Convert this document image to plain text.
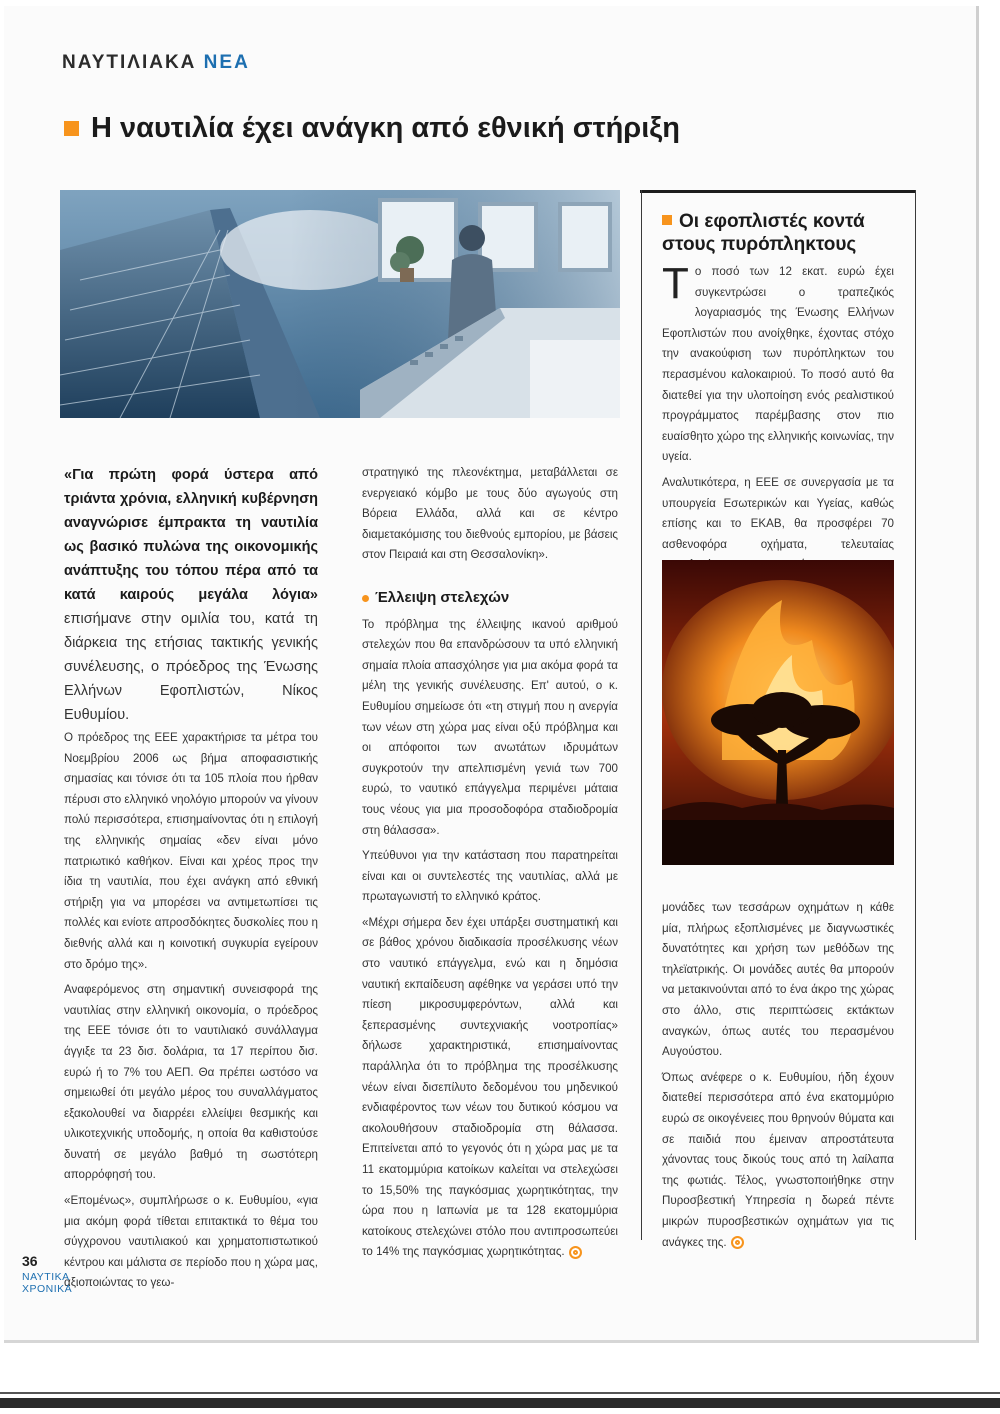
ΝΑΥΤΙΛΙΑΚΑ ΝΕΑ
Η ναυτιλία έχει ανάγκη από εθνική στήριξη
«Για πρώτη φορά ύστερα από τριάντα χρόνια, ελληνική κυβέρνηση αναγνώρισε έμπρακτα τη ναυτιλία ως βασικό πυλώνα της οικονομικής ανάπτυξης του τόπου πέρα από τα κατά καιρούς μεγάλα λόγια» επισήμανε στην ομιλία του, κατά τη διάρκεια της ετήσιας τακτικής γενικής συνέλευσης, ο πρόεδρος της Ένωσης Ελλήνων Εφοπλιστών, Νίκος Ευθυμίου.

Ο πρόεδρος της ΕΕΕ χαρακτήρισε τα μέτρα του Νοεμβρίου 2006 ως βήμα αποφασιστικής σημασίας και τόνισε ότι τα 105 πλοία που ήρθαν πέρυσι στο ελληνικό νηολόγιο μπορούν να γίνουν πολύ περισσότερα, επισημαίνοντας ότι η επιλογή της ελληνικής σημαίας «δεν είναι μόνο πατριωτικό καθήκον. Είναι και χρέος προς την ίδια τη ναυτιλία, που έχει ανάγκη από εθνική στήριξη για να μπορέσει να αντιμετωπίσει τις πολλές και ενίοτε απροσδόκητες δυσκολίες που η διεθνής αλλά και η κοινοτική συγκυρία εγείρουν στο δρόμο της».

Αναφερόμενος στη σημαντική συνεισφορά της ναυτιλίας στην ελληνική οικονομία, ο πρόεδρος της ΕΕΕ τόνισε ότι το ναυτιλιακό συνάλλαγμα άγγιξε τα 23 δισ. δολάρια, τα 17 περίπου δισ. ευρώ ή το 7% του ΑΕΠ. Θα πρέπει ωστόσο να σημειωθεί ότι μεγάλο μέρος του συναλλάγματος εξακολουθεί να διαρρέει ελλείψει θεσμικής και υλικοτεχνικής υποδομής, η οποία θα καθιστούσε δυνατή σε μεγάλο βαθμό τη σωστότερη απορρόφησή του.

«Επομένως», συμπλήρωσε ο κ. Ευθυμίου, «για μια ακόμη φορά τίθεται επιτακτικά το θέμα του σύγχρονου ναυτιλιακού και χρηματοπιστωτικού κέντρου και μάλιστα σε περίοδο που η χώρα μας, αξιοποιώντας το γεω-

στρατηγικό της πλεονέκτημα, μεταβάλλεται σε ενεργειακό κόμβο με τους δύο αγωγούς στη Βόρεια Ελλάδα, αλλά και σε κέντρο διαμετακόμισης του διεθνούς εμπορίου, με βάσεις στον Πειραιά και στη Θεσσαλονίκη».

Έλλειψη στελεχών

Το πρόβλημα της έλλειψης ικανού αριθμού στελεχών που θα επανδρώσουν τα υπό ελληνική σημαία πλοία απασχόλησε για μια ακόμα φορά τα μέλη της γενικής συνέλευσης. Επ' αυτού, ο κ. Ευθυμίου σημείωσε ότι «τη στιγμή που η ανεργία των νέων στη χώρα μας είναι οξύ πρόβλημα και οι απόφοιτοι των ανωτάτων ιδρυμάτων συγκροτούν την απελπισμένη γενιά των 700 ευρώ, το ναυτικό επάγγελμα περιμένει μάταια τους νέους για μια προσοδοφόρα σταδιοδρομία στη θάλασσα».

Υπεύθυνοι για την κατάσταση που παρατηρείται είναι και οι συντελεστές της ναυτιλίας, αλλά με πρωταγωνιστή το ελληνικό κράτος.

«Μέχρι σήμερα δεν έχει υπάρξει συστηματική και σε βάθος χρόνου διαδικασία προσέλκυσης νέων στο ναυτικό επάγγελμα, ενώ και η δημόσια ναυτική εκπαίδευση αφέθηκε να γεράσει υπό την πίεση μικροσυμφερόντων, αλλά και ξεπερασμένης συντεχνιακής νοοτροπίας» δήλωσε χαρακτηριστικά, επισημαίνοντας παράλληλα ότι το πρόβλημα της προσέλκυσης νέων είναι δισεπίλυτο δεδομένου του μηδενικού ενδιαφέροντος των νέων του δυτικού κόσμου να ακολουθήσουν σταδιοδρομία στη θάλασσα. Επιτείνεται από το γεγονός ότι η χώρα μας με τα 11 εκατομμύρια κατοίκων καλείται να στελεχώσει το 15,50% της παγκόσμιας χωρητικότητας, την ώρα που η Ιαπωνία με τα 128 εκατομμύρια κατοίκους στελεχώνει στόλο που αντιπροσωπεύει το 14% της παγκόσμιας χωρητικότητας.

Οι εφοπλιστές κοντά στους πυρόπληκτους

Το ποσό των 12 εκατ. ευρώ έχει συγκεντρώσει ο τραπεζικός λογαριασμός της Ένωσης Ελλήνων Εφοπλιστών που ανοίχθηκε, έχοντας στόχο την ανακούφιση των πυρόπληκτων του περασμένου καλοκαιριού. Το ποσό αυτό θα διατεθεί για την υλοποίηση ενός ρεαλιστικού προγράμματος παρέμβασης στον πιο ευαίσθητο χώρο της ελληνικής κοινωνίας, την υγεία.

Αναλυτικότερα, η ΕΕΕ σε συνεργασία με τα υπουργεία Εσωτερικών και Υγείας, καθώς επίσης και το ΕΚΑΒ, θα προσφέρει 70 ασθενοφόρα οχήματα, τελευταίας

μονάδες των τεσσάρων οχημάτων η κάθε μία, πλήρως εξοπλισμένες με διαγνωστικές δυνατότητες και χρήση των μεθόδων της τηλεϊατρικής. Οι μονάδες αυτές θα μπορούν να μετακινούνται από το ένα άκρο της χώρας στο άλλο, στις περιπτώσεις εκτάκτων αναγκών, όπως αυτές του περασμένου Αυγούστου.

Όπως ανέφερε ο κ. Ευθυμίου, ήδη έχουν διατεθεί περισσότερα από ένα εκατομμύριο ευρώ σε οικογένειες που θρηνούν θύματα και σε παιδιά που έμειναν απροστάτευτα χάνοντας τους δικούς τους από τη λαίλαπα της φωτιάς. Τέλος, γνωστοποιήθηκε στην Πυροσβεστική Υπηρεσία η δωρεά πέντε μικρών πυροσβεστικών οχημάτων για τις ανάγκες της.

36
ΝΑΥΤΙΚΑ
ΧΡΟΝΙΚΑ
